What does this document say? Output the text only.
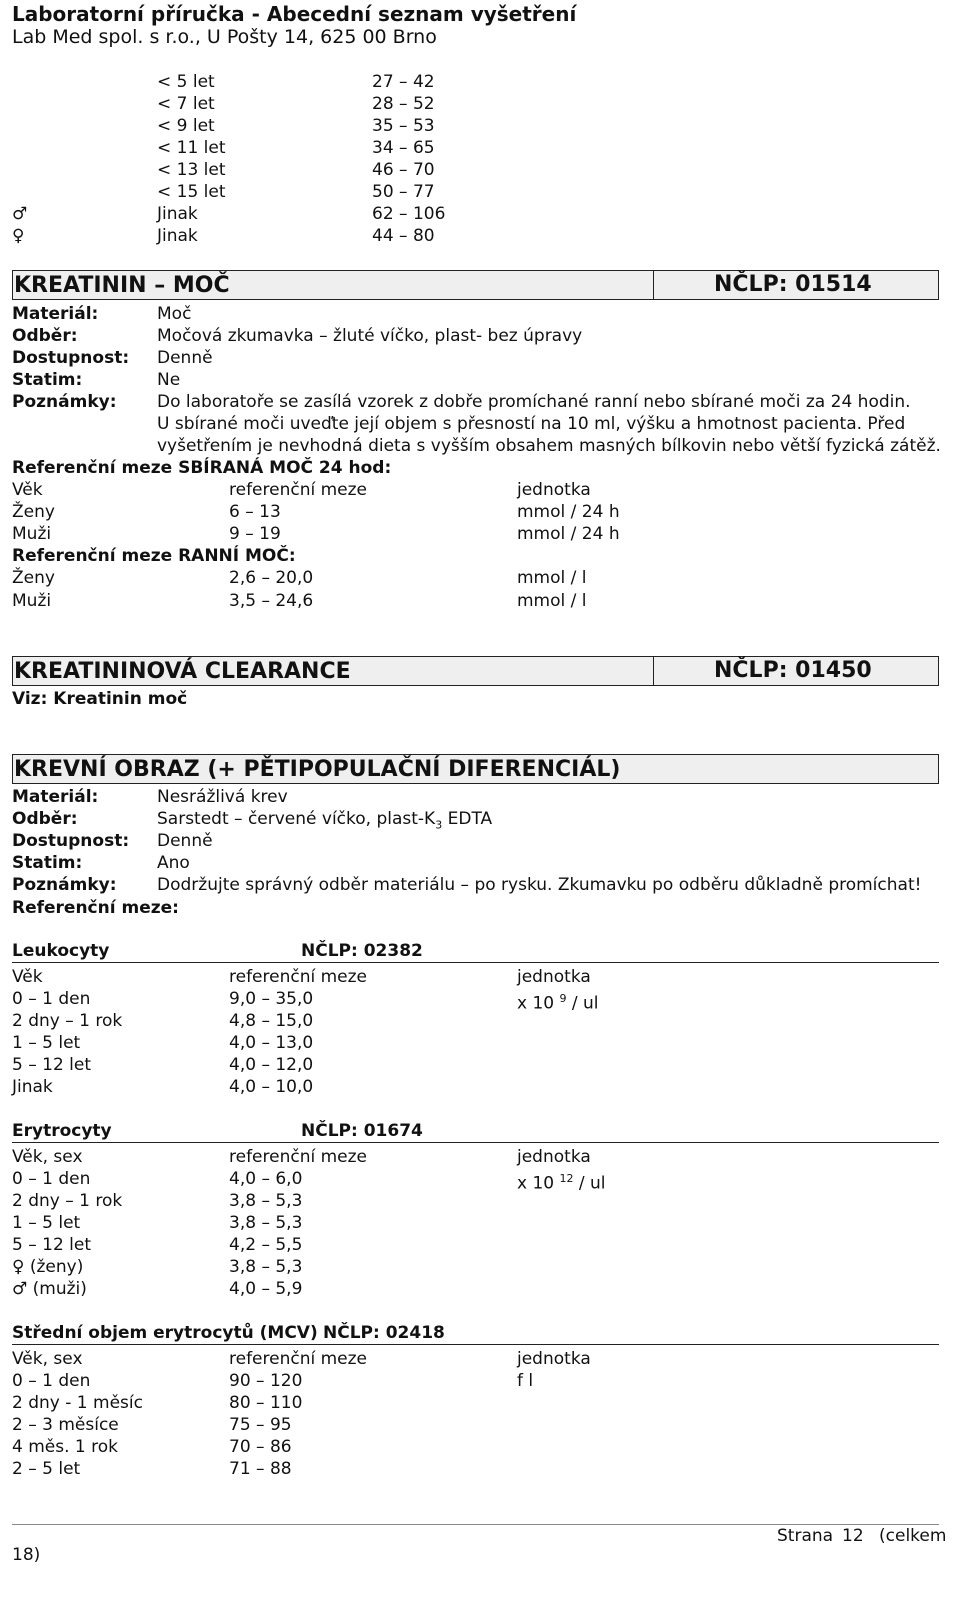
Laboratorní příručka - Abecední seznam vyšetření
Lab Med spol. s r.o., U Pošty 14, 625 00 Brno
< 5 let	27 – 42
< 7 let	28 – 52
< 9 let	35 – 53
< 11 let	34 – 65
< 13 let	46 – 70
< 15 let	50 – 77
♂	Jinak	62 – 106
♀	Jinak	44 – 80
KREATININ – MOČ	NČLP: 01514
Materiál:	Moč
Odběr:	Močová zkumavka – žluté víčko, plast- bez úpravy
Dostupnost: Denně
Statim:	Ne
Poznámky: Do laboratoře se zasílá vzorek z dobře promíchané ranní nebo sbírané moči za 24 hodin.
U sbírané moči uveďte její objem s přesností na 10 ml, výšku a hmotnost pacienta. Před
vyšetřením je nevhodná dieta s vyšším obsahem masných bílkovin nebo větší fyzická zátěž.
Referenční meze SBÍRANÁ MOČ 24 hod:
Věk	referenční meze	jednotka
Ženy	6 – 13	mmol / 24 h
Muži	9 – 19	mmol / 24 h
Referenční meze RANNÍ MOČ:
Ženy	2,6 – 20,0	mmol / l
Muži	3,5 – 24,6	mmol / l
KREATININOVÁ CLEARANCE	NČLP: 01450
Viz: Kreatinin moč
KREVNÍ OBRAZ (+ PĚTIPOPULAČNÍ DIFERENCIÁL)
Materiál:	Nesrážlivá krev
Odběr:	Sarstedt – červené víčko, plast-$K_3$ EDTA
Dostupnost: Denně
Statim:	Ano
Poznámky: Dodržujte správný odběr materiálu – po rysku. Zkumavku po odběru důkladně promíchat!
Referenční meze:
Leukocyty	NČLP: 02382
Věk	referenční meze	jednotka
0 – 1 den	9,0 – 35,0	x 10 $^9$ / ul
2 dny – 1 rok	4,8 – 15,0
1 – 5 let	4,0 – 13,0
5 – 12 let	4,0 – 12,0
Jinak	4,0 – 10,0
Erytrocyty	NČLP: 01674
Věk, sex	referenční meze	jednotka
0 – 1 den	4,0 – 6,0	x 10 $^{12}$ / ul
2 dny – 1 rok	3,8 – 5,3
1 – 5 let	3,8 – 5,3
5 – 12 let	4,2 – 5,5
♀ (ženy)	3,8 – 5,3
♂ (muži)	4,0 – 5,9
Střední objem erytrocytů (MCV) NČLP: 02418
Věk, sex	referenční meze	jednotka
0 – 1 den	90 – 120	f l
2 dny - 1 měsíc	80 – 110
2 – 3 měsíce	75 – 95
4 měs. 1 rok	70 – 86
2 – 5 let	71 – 88
Strana 12 (celkem
18)
